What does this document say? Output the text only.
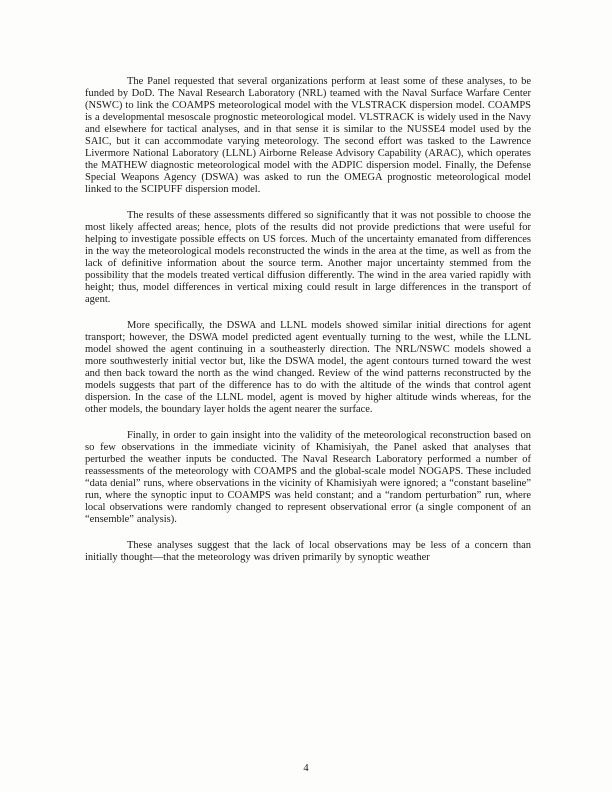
The Panel requested that several organizations perform at least some of these analyses, to be funded by DoD. The Naval Research Laboratory (NRL) teamed with the Naval Surface Warfare Center (NSWC) to link the COAMPS meteorological model with the VLSTRACK dispersion model. COAMPS is a developmental mesoscale prognostic meteorological model. VLSTRACK is widely used in the Navy and elsewhere for tactical analyses, and in that sense it is similar to the NUSSE4 model used by the SAIC, but it can accommodate varying meteorology. The second effort was tasked to the Lawrence Livermore National Laboratory (LLNL) Airborne Release Advisory Capability (ARAC), which operates the MATHEW diagnostic meteorological model with the ADPIC dispersion model. Finally, the Defense Special Weapons Agency (DSWA) was asked to run the OMEGA prognostic meteorological model linked to the SCIPUFF dispersion model.

The results of these assessments differed so significantly that it was not possible to choose the most likely affected areas; hence, plots of the results did not provide predictions that were useful for helping to investigate possible effects on US forces. Much of the uncertainty emanated from differences in the way the meteorological models reconstructed the winds in the area at the time, as well as from the lack of definitive information about the source term. Another major uncertainty stemmed from the possibility that the models treated vertical diffusion differently. The wind in the area varied rapidly with height; thus, model differences in vertical mixing could result in large differences in the transport of agent.

More specifically, the DSWA and LLNL models showed similar initial directions for agent transport; however, the DSWA model predicted agent eventually turning to the west, while the LLNL model showed the agent continuing in a southeasterly direction. The NRL/NSWC models showed a more southwesterly initial vector but, like the DSWA model, the agent contours turned toward the west and then back toward the north as the wind changed. Review of the wind patterns reconstructed by the models suggests that part of the difference has to do with the altitude of the winds that control agent dispersion. In the case of the LLNL model, agent is moved by higher altitude winds whereas, for the other models, the boundary layer holds the agent nearer the surface.

Finally, in order to gain insight into the validity of the meteorological reconstruction based on so few observations in the immediate vicinity of Khamisiyah, the Panel asked that analyses that perturbed the weather inputs be conducted. The Naval Research Laboratory performed a number of reassessments of the meteorology with COAMPS and the global-scale model NOGAPS. These included “data denial” runs, where observations in the vicinity of Khamisiyah were ignored; a “constant baseline” run, where the synoptic input to COAMPS was held constant; and a “random perturbation” run, where local observations were randomly changed to represent observational error (a single component of an “ensemble” analysis).

These analyses suggest that the lack of local observations may be less of a concern than initially thought—that the meteorology was driven primarily by synoptic weather

4
